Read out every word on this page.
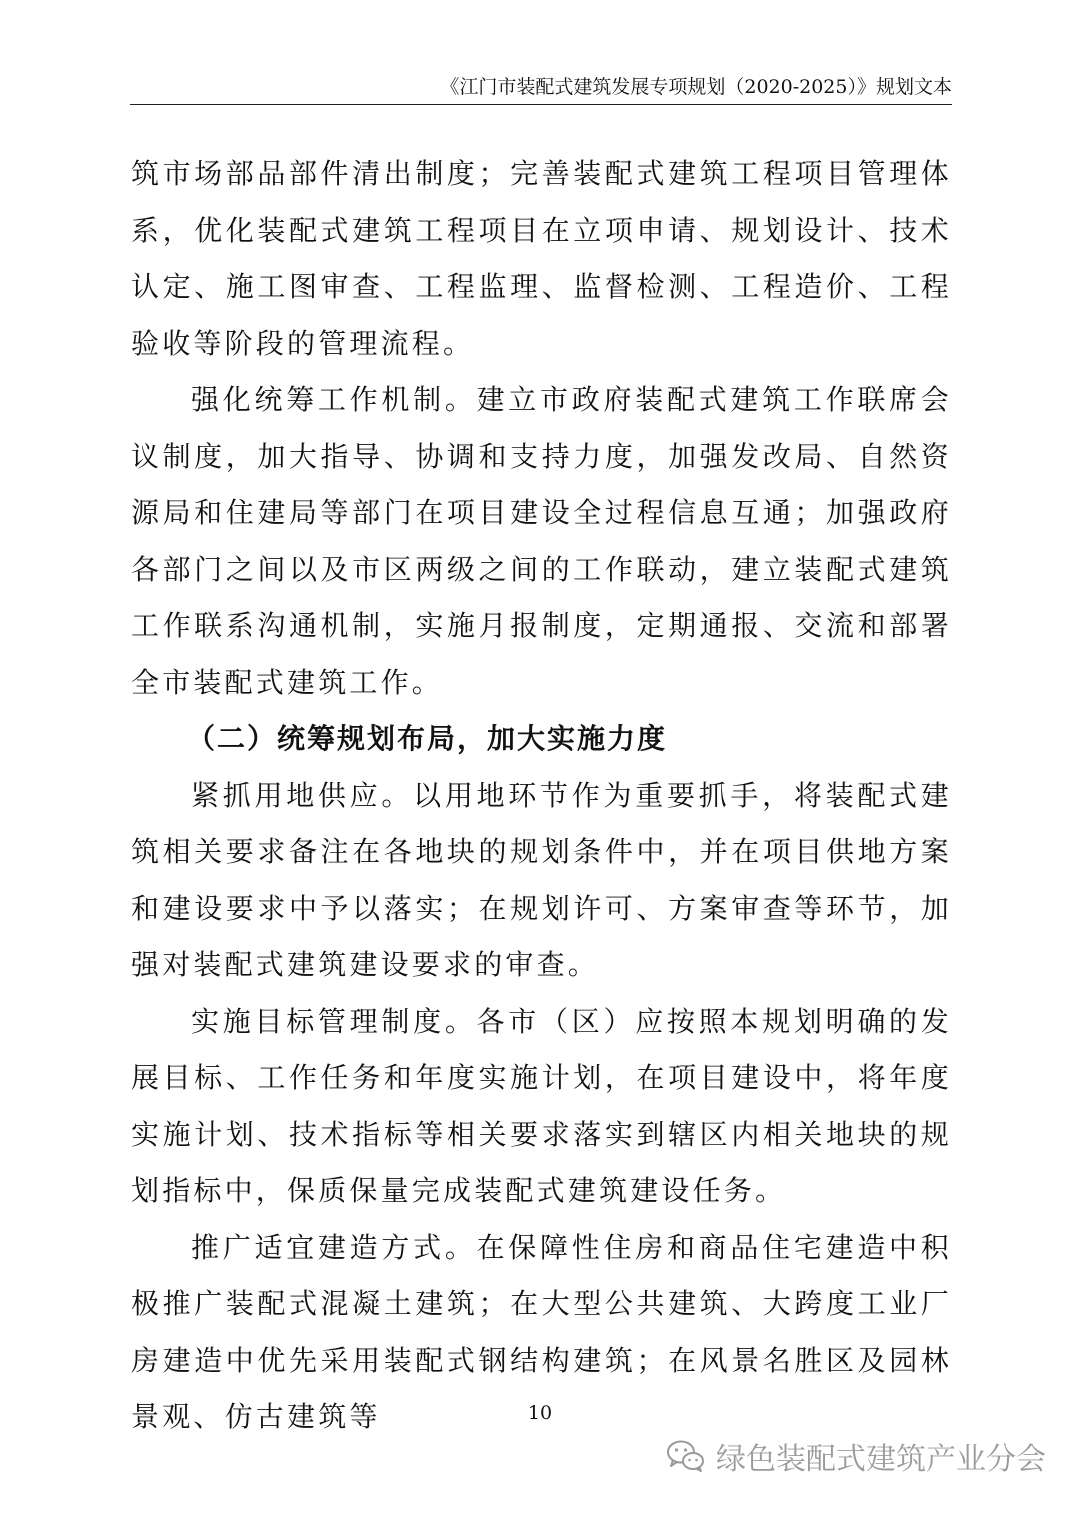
《江门市装配式建筑发展专项规划（2020-2025）》规划文本

筑市场部品部件清出制度；完善装配式建筑工程项目管理体系，优化装配式建筑工程项目在立项申请、规划设计、技术认定、施工图审查、工程监理、监督检测、工程造价、工程验收等阶段的管理流程。

强化统筹工作机制。建立市政府装配式建筑工作联席会议制度，加大指导、协调和支持力度，加强发改局、自然资源局和住建局等部门在项目建设全过程信息互通；加强政府各部门之间以及市区两级之间的工作联动，建立装配式建筑工作联系沟通机制，实施月报制度，定期通报、交流和部署全市装配式建筑工作。

（二）统筹规划布局，加大实施力度

紧抓用地供应。以用地环节作为重要抓手，将装配式建筑相关要求备注在各地块的规划条件中，并在项目供地方案和建设要求中予以落实；在规划许可、方案审查等环节，加强对装配式建筑建设要求的审查。

实施目标管理制度。各市（区）应按照本规划明确的发展目标、工作任务和年度实施计划，在项目建设中，将年度实施计划、技术指标等相关要求落实到辖区内相关地块的规划指标中，保质保量完成装配式建筑建设任务。

推广适宜建造方式。在保障性住房和商品住宅建造中积极推广装配式混凝土建筑；在大型公共建筑、大跨度工业厂房建造中优先采用装配式钢结构建筑；在风景名胜区及园林景观、仿古建筑等	10
绿色装配式建筑产业分会
